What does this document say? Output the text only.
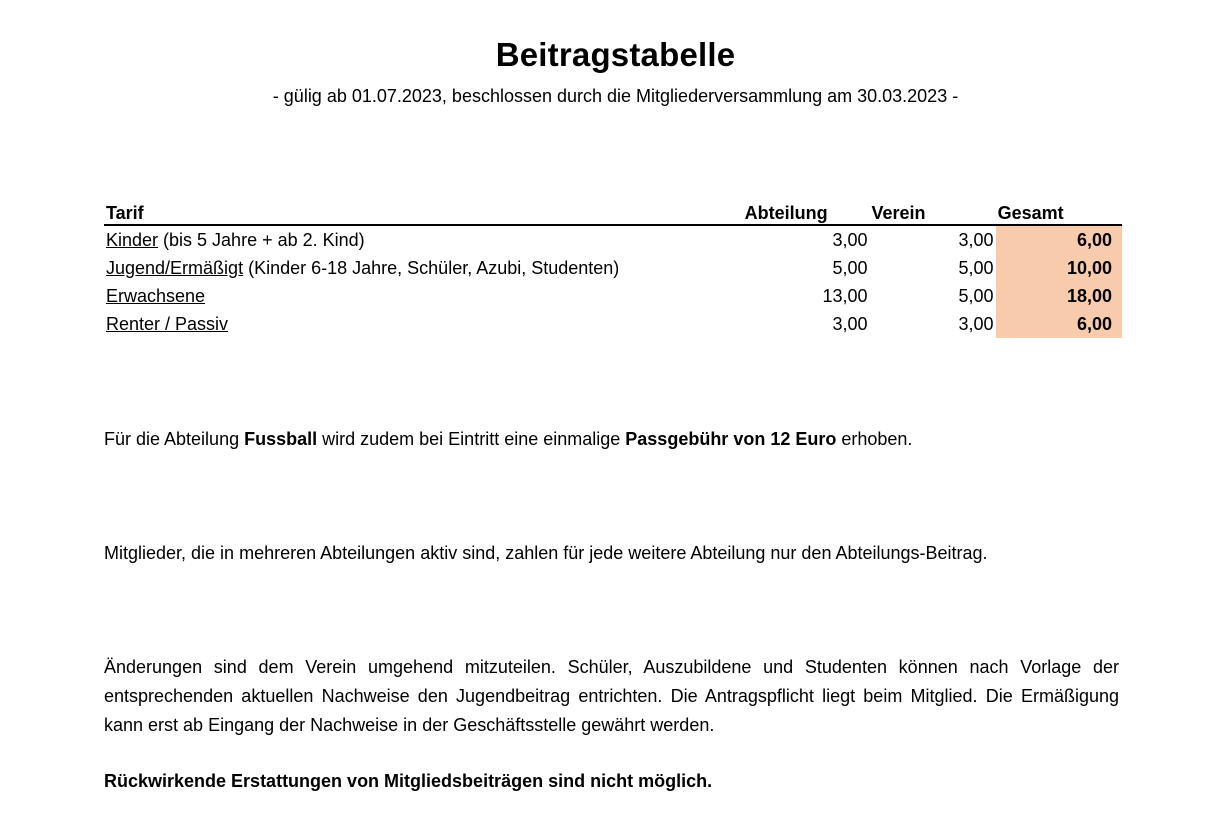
Beitragstabelle
- gülig ab 01.07.2023, beschlossen durch die Mitgliederversammlung am 30.03.2023 -
Tarif	Abteilung	Verein	Gesamt
Kinder (bis 5 Jahre + ab 2. Kind)	3,00	3,00	6,00
Jugend/Ermäßigt (Kinder 6-18 Jahre, Schüler, Azubi, Studenten)	5,00	5,00	10,00
Erwachsene	13,00	5,00	18,00
Renter / Passiv	3,00	3,00	6,00
Für die Abteilung Fussball wird zudem bei Eintritt eine einmalige Passgebühr von 12 Euro erhoben.
Mitglieder, die in mehreren Abteilungen aktiv sind, zahlen für jede weitere Abteilung nur den Abteilungs-Beitrag.
Änderungen sind dem Verein umgehend mitzuteilen. Schüler, Auszubildene und Studenten können nach Vorlage der entsprechenden aktuellen Nachweise den Jugendbeitrag entrichten. Die Antragspflicht liegt beim Mitglied. Die Ermäßigung kann erst ab Eingang der Nachweise in der Geschäftsstelle gewährt werden.
Rückwirkende Erstattungen von Mitgliedsbeiträgen sind nicht möglich.
